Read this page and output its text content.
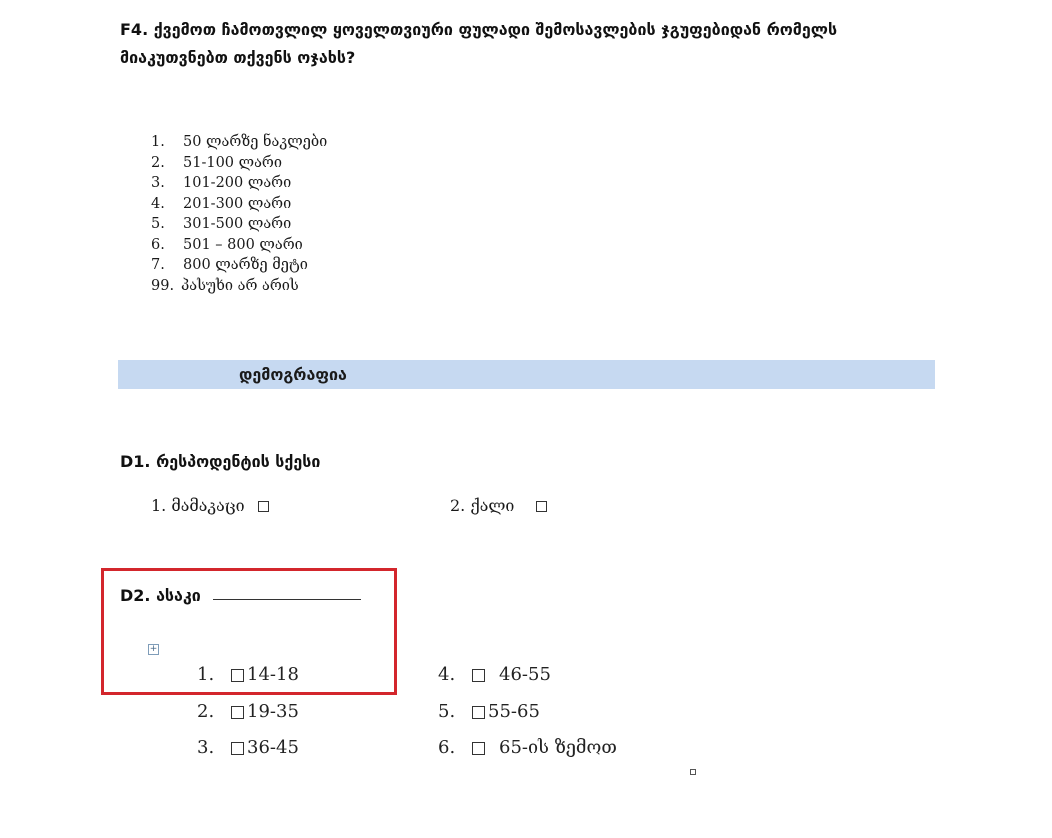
F4. ქვემოთ ჩამოთვლილ ყოველთვიური ფულადი შემოსავლების ჯგუფებიდან რომელს მიაკუთვნებთ თქვენს ოჯახს?
1.	50 ლარზე ნაკლები
2.	51-100 ლარი
3.	101-200 ლარი
4.	201-300 ლარი
5.	301-500 ლარი
6.	501 – 800 ლარი
7.	800 ლარზე მეტი
99. პასუხი არ არის
დემოგრაფია
D1. რესპოდენტის სქესი
1.
მამაკაცი	2.
ქალი
D2. ასაკი
+
1.	14-18
2.	19-35
3.	36-45
4.	46-55
5.	55-65
6.	65-ის ზემოთ
